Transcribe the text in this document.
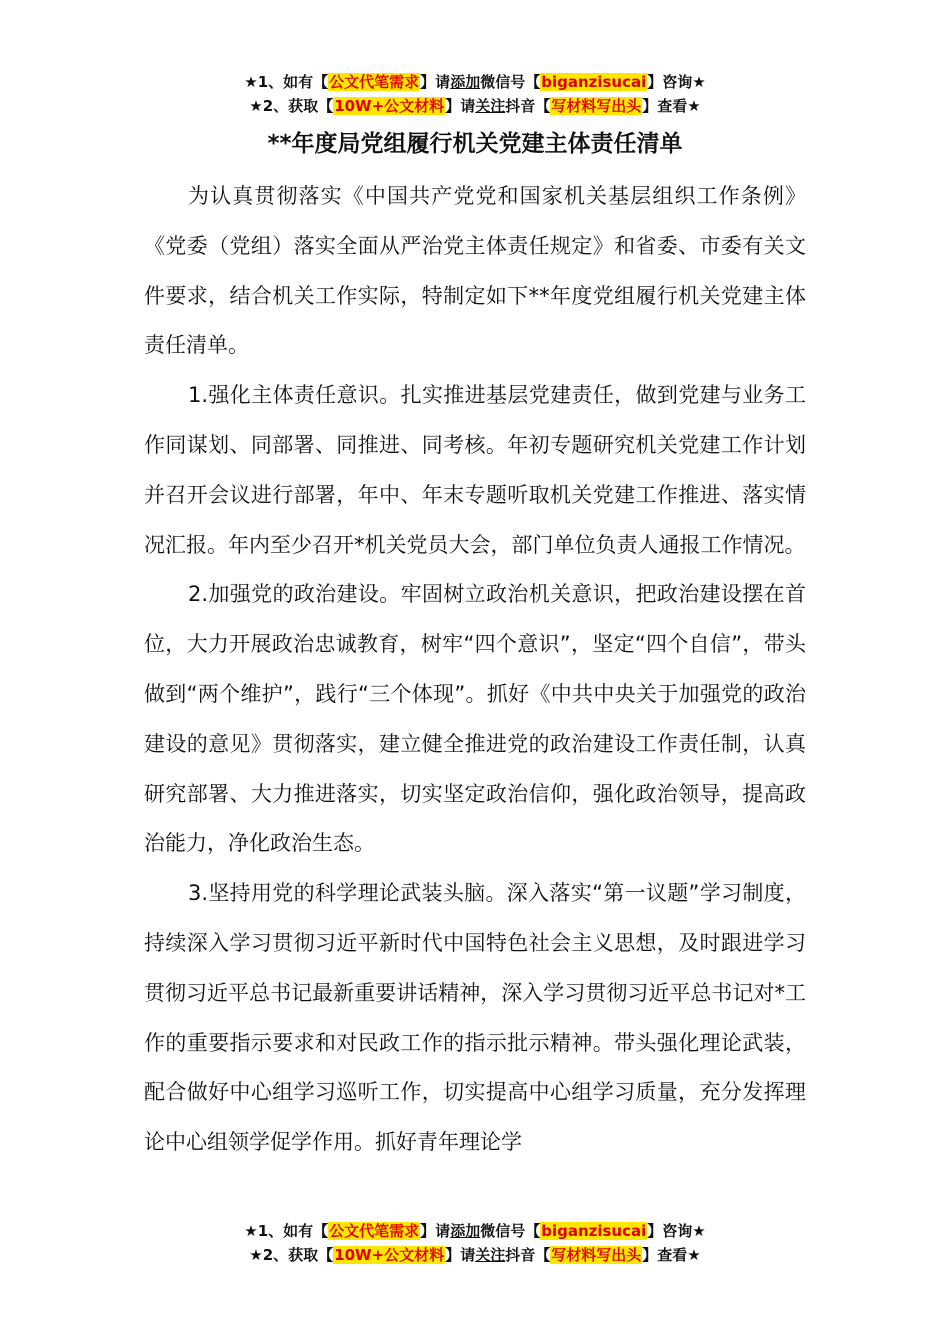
★1、如有【公文代笔需求】请添加微信号【biganzisucai】咨询★
★2、获取【10W+公文材料】请关注抖音【写材料写出头】查看★
**年度局党组履行机关党建主体责任清单

为认真贯彻落实《中国共产党党和国家机关基层组织工作条例》《党委（党组）落实全面从严治党主体责任规定》和省委、市委有关文件要求，结合机关工作实际，特制定如下**年度党组履行机关党建主体责任清单。

1.强化主体责任意识。扎实推进基层党建责任，做到党建与业务工作同谋划、同部署、同推进、同考核。年初专题研究机关党建工作计划并召开会议进行部署，年中、年末专题听取机关党建工作推进、落实情况汇报。年内至少召开*机关党员大会，部门单位负责人通报工作情况。

2.加强党的政治建设。牢固树立政治机关意识，把政治建设摆在首位，大力开展政治忠诚教育，树牢“四个意识”，坚定“四个自信”，带头做到“两个维护”，践行“三个体现”。抓好《中共中央关于加强党的政治建设的意见》贯彻落实，建立健全推进党的政治建设工作责任制，认真研究部署、大力推进落实，切实坚定政治信仰，强化政治领导，提高政治能力，净化政治生态。

3.坚持用党的科学理论武装头脑。深入落实“第一议题”学习制度，持续深入学习贯彻习近平新时代中国特色社会主义思想，及时跟进学习贯彻习近平总书记最新重要讲话精神，深入学习贯彻习近平总书记对*工作的重要指示要求和对民政工作的指示批示精神。带头强化理论武装，配合做好中心组学习巡听工作，切实提高中心组学习质量，充分发挥理论中心组领学促学作用。抓好青年理论学

★1、如有【公文代笔需求】请添加微信号【biganzisucai】咨询★
★2、获取【10W+公文材料】请关注抖音【写材料写出头】查看★
